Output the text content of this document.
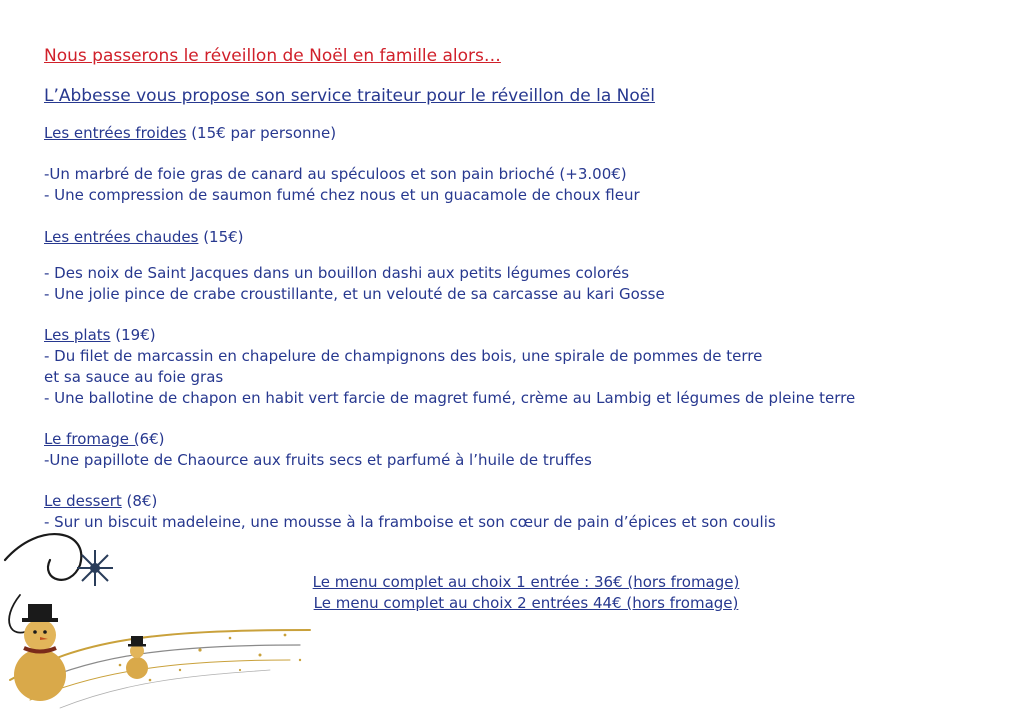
Nous passerons le réveillon de Noël en famille alors…
L’Abbesse vous propose son service traiteur pour le réveillon de la Noël
Les entrées froides (15€ par personne)
-Un marbré de foie gras de canard au spéculoos et son pain brioché (+3.00€)
- Une compression de saumon fumé chez nous et un guacamole de choux fleur
Les entrées chaudes (15€)
- Des noix de Saint Jacques dans un bouillon dashi aux petits légumes colorés
- Une jolie pince de crabe croustillante, et un velouté de sa carcasse au kari Gosse
Les plats (19€)
- Du filet de marcassin en chapelure de champignons des bois, une spirale de pommes de terre
et sa sauce au foie gras
- Une ballotine de chapon en habit vert farcie de magret fumé, crème au Lambig et légumes de pleine terre
Le fromage (6€)
-Une papillote de Chaource aux fruits secs et parfumé à l’huile de truffes
Le dessert (8€)
- Sur un biscuit madeleine, une mousse à la framboise et son cœur de pain d’épices et son coulis
Le menu complet au choix 1 entrée : 36€ (hors fromage)
Le menu complet au choix 2 entrées 44€ (hors fromage)
